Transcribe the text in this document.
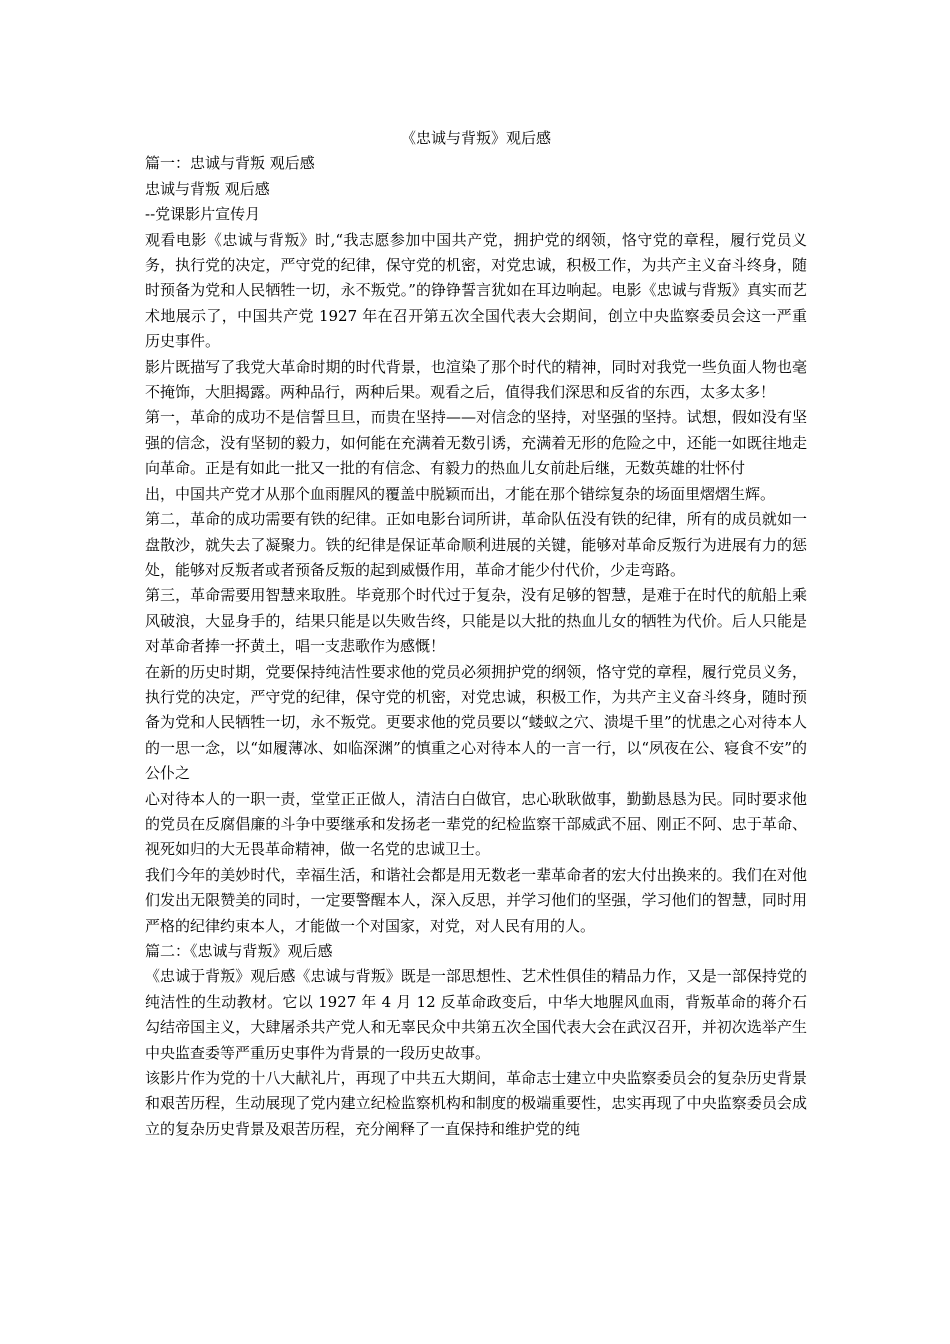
《忠诚与背叛》观后感

篇一：忠诚与背叛 观后感

忠诚与背叛 观后感

--党课影片宣传月

观看电影《忠诚与背叛》时,“我志愿参加中国共产党，拥护党的纲领，恪守党的章程，履行党员义务，执行党的决定，严守党的纪律，保守党的机密，对党忠诚，积极工作，为共产主义奋斗终身，随时预备为党和人民牺牲一切，永不叛党。”的铮铮誓言犹如在耳边响起。电影《忠诚与背叛》真实而艺术地展示了，中国共产党 1927 年在召开第五次全国代表大会期间，创立中央监察委员会这一严重历史事件。

影片既描写了我党大革命时期的时代背景，也渲染了那个时代的精神，同时对我党一些负面人物也毫不掩饰，大胆揭露。两种品行，两种后果。观看之后，值得我们深思和反省的东西，太多太多！

第一，革命的成功不是信誓旦旦，而贵在坚持——对信念的坚持，对坚强的坚持。试想，假如没有坚强的信念，没有坚韧的毅力，如何能在充满着无数引诱，充满着无形的危险之中，还能一如既往地走向革命。正是有如此一批又一批的有信念、有毅力的热血儿女前赴后继，无数英雄的壮怀付

出，中国共产党才从那个血雨腥风的覆盖中脱颖而出，才能在那个错综复杂的场面里熠熠生辉。

第二，革命的成功需要有铁的纪律。正如电影台词所讲，革命队伍没有铁的纪律，所有的成员就如一盘散沙，就失去了凝聚力。铁的纪律是保证革命顺利进展的关键，能够对革命反叛行为进展有力的惩处，能够对反叛者或者预备反叛的起到威慑作用，革命才能少付代价，少走弯路。

第三，革命需要用智慧来取胜。毕竟那个时代过于复杂，没有足够的智慧，是难于在时代的航船上乘风破浪，大显身手的，结果只能是以失败告终，只能是以大批的热血儿女的牺牲为代价。后人只能是对革命者捧一抔黄土，唱一支悲歌作为感慨！

在新的历史时期，党要保持纯洁性要求他的党员必须拥护党的纲领，恪守党的章程，履行党员义务，执行党的决定，严守党的纪律，保守党的机密，对党忠诚，积极工作，为共产主义奋斗终身，随时预备为党和人民牺牲一切，永不叛党。更要求他的党员要以“蝼蚁之穴、溃堤千里”的忧患之心对待本人的一思一念，以“如履薄冰、如临深渊”的慎重之心对待本人的一言一行，以“夙夜在公、寝食不安”的公仆之

心对待本人的一职一责，堂堂正正做人，清洁白白做官，忠心耿耿做事，勤勤恳恳为民。同时要求他的党员在反腐倡廉的斗争中要继承和发扬老一辈党的纪检监察干部威武不屈、刚正不阿、忠于革命、视死如归的大无畏革命精神，做一名党的忠诚卫士。

我们今年的美妙时代，幸福生活，和谐社会都是用无数老一辈革命者的宏大付出换来的。我们在对他们发出无限赞美的同时，一定要警醒本人，深入反思，并学习他们的坚强，学习他们的智慧，同时用严格的纪律约束本人，才能做一个对国家，对党，对人民有用的人。

篇二：《忠诚与背叛》观后感

《忠诚于背叛》观后感《忠诚与背叛》既是一部思想性、艺术性俱佳的精品力作，又是一部保持党的纯洁性的生动教材。它以 1927 年 4 月 12 反革命政变后，中华大地腥风血雨，背叛革命的蒋介石勾结帝国主义，大肆屠杀共产党人和无辜民众中共第五次全国代表大会在武汉召开，并初次选举产生中央监查委等严重历史事件为背景的一段历史故事。

该影片作为党的十八大献礼片，再现了中共五大期间，革命志士建立中央监察委员会的复杂历史背景和艰苦历程，生动展现了党内建立纪检监察机构和制度的极端重要性，忠实再现了中央监察委员会成立的复杂历史背景及艰苦历程，充分阐释了一直保持和维护党的纯
